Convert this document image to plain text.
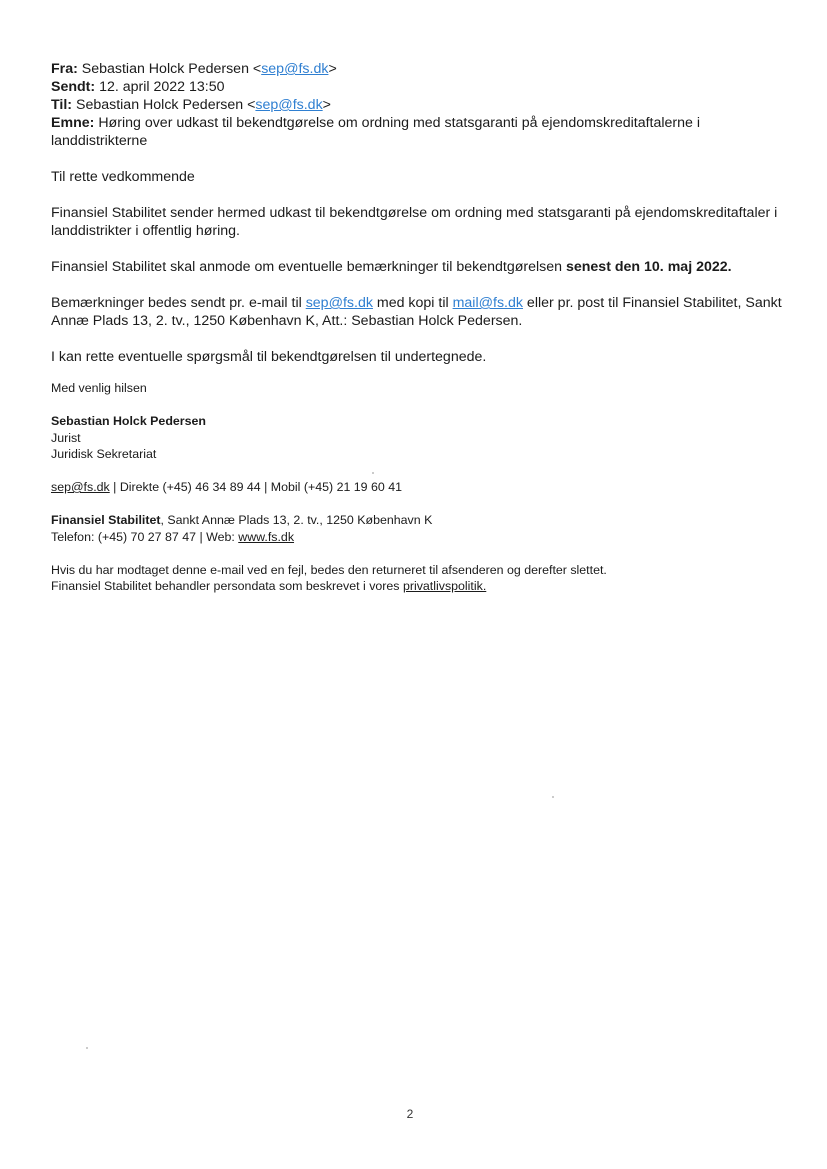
Fra: Sebastian Holck Pedersen <sep@fs.dk>

Sendt: 12. april 2022 13:50

Til: Sebastian Holck Pedersen <sep@fs.dk>

Emne: Høring over udkast til bekendtgørelse om ordning med statsgaranti på ejendomskreditaftalerne i landdistrikterne

Til rette vedkommende

Finansiel Stabilitet sender hermed udkast til bekendtgørelse om ordning med statsgaranti på ejendomskreditaftaler i landdistrikter i offentlig høring.

Finansiel Stabilitet skal anmode om eventuelle bemærkninger til bekendtgørelsen senest den 10. maj 2022.

Bemærkninger bedes sendt pr. e-mail til sep@fs.dk med kopi til mail@fs.dk eller pr. post til Finansiel Stabilitet, Sankt Annæ Plads 13, 2. tv., 1250 København K, Att.: Sebastian Holck Pedersen.

I kan rette eventuelle spørgsmål til bekendtgørelsen til undertegnede.

Med venlig hilsen

Sebastian Holck Pedersen

Jurist

Juridisk Sekretariat

sep@fs.dk | Direkte (+45) 46 34 89 44 | Mobil (+45) 21 19 60 41

Finansiel Stabilitet, Sankt Annæ Plads 13, 2. tv., 1250 København K

Telefon: (+45) 70 27 87 47 | Web: www.fs.dk

Hvis du har modtaget denne e-mail ved en fejl, bedes den returneret til afsenderen og derefter slettet.

Finansiel Stabilitet behandler persondata som beskrevet i vores privatlivspolitik.

2
